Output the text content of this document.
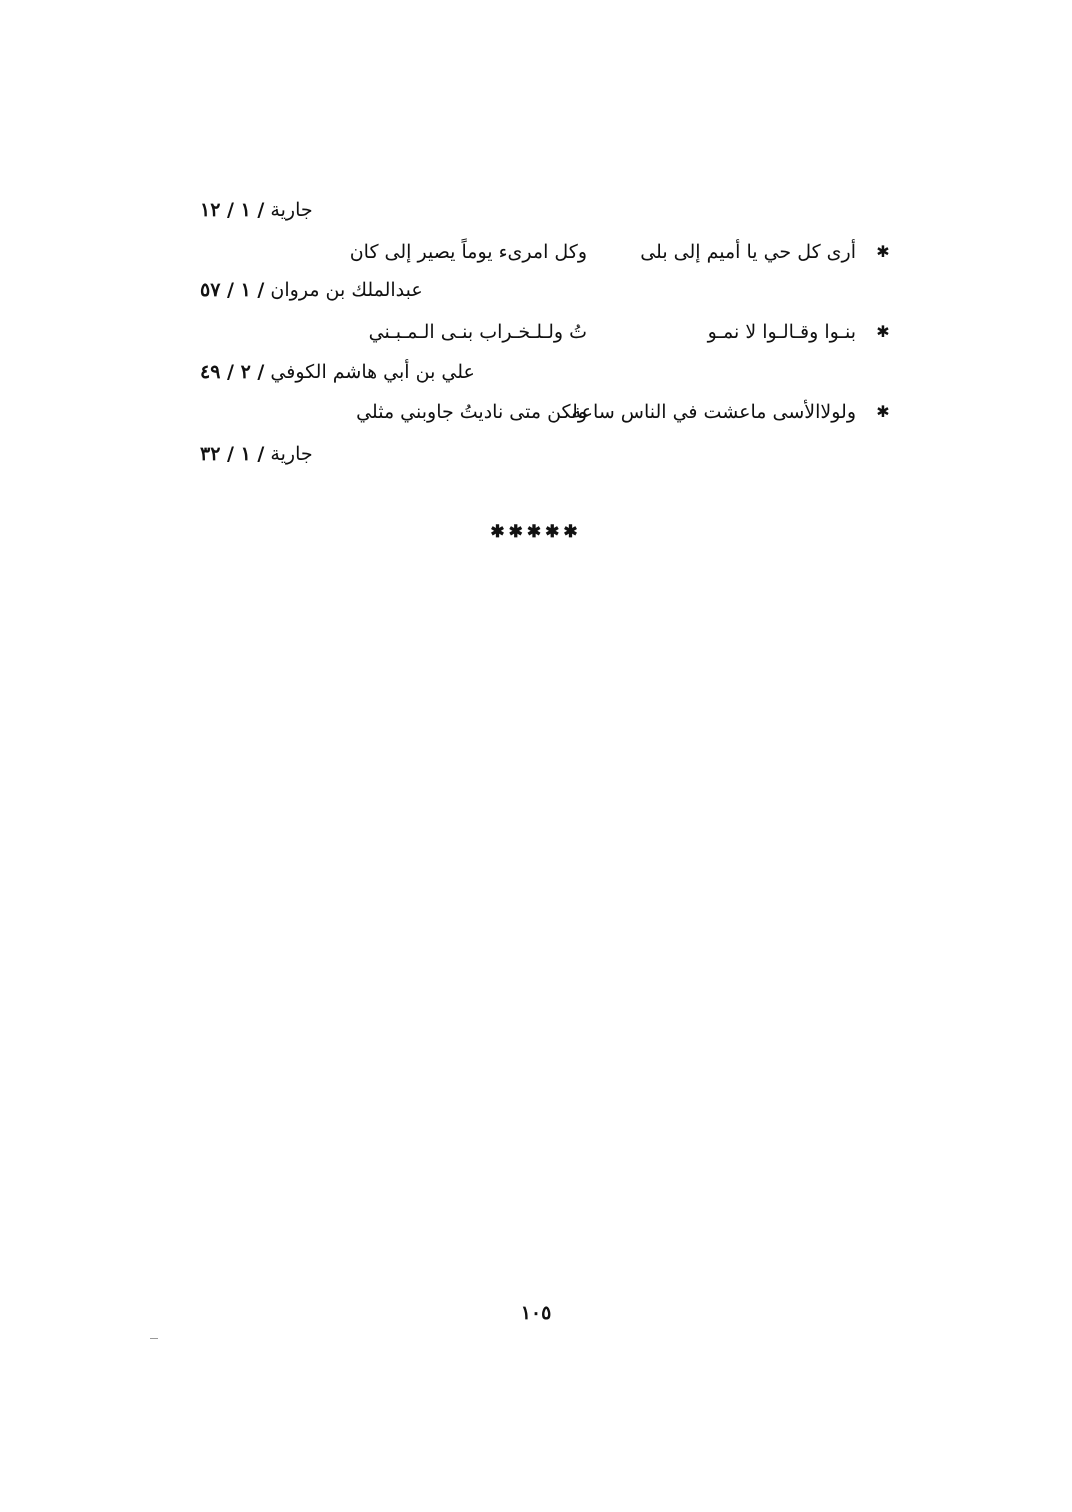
جارية / ١ / ١٢
✱
أرى كل حي يا أميم إلى بلى
وكل امرىء يوماً يصير إلى كان
عبدالملك بن مروان / ١ / ٥٧
✱
بنـوا وقـالـوا لا نمـو
تُ ولـلـخـراب بنـى الـمـبـني
علي بن أبي هاشم الكوفي / ٢ / ٤٩
✱
ولولاالأسى ماعشت في الناس ساعة
ولكن متى ناديتُ جاوبني مثلي
جارية / ١ / ٣٢
✱✱✱✱✱
١٠٥
